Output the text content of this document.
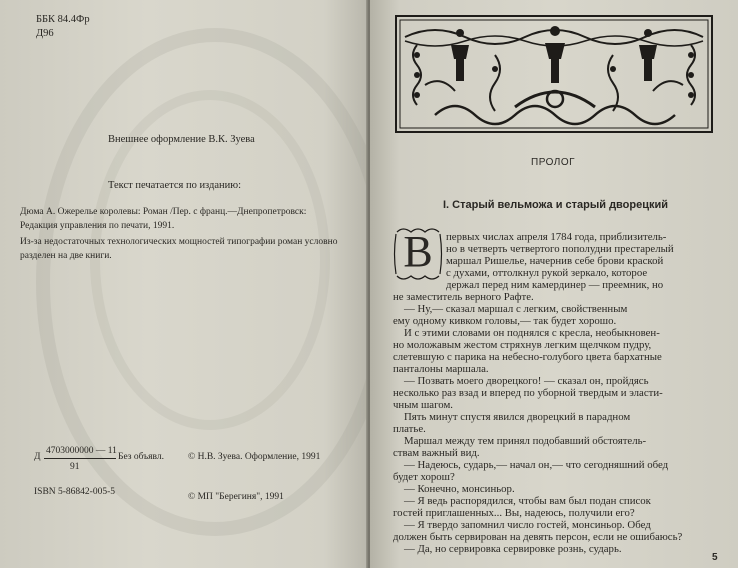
ББК 84.4Фр
Д96
Внешнее оформление В.К. Зуева
Текст печатается по изданию:
Дюма А. Ожерелье королевы: Роман /Пер. с франц.—Днепропетровск:
Редакция управления по печати, 1991.
Из-за недостаточных технологических мощностей типографии роман условно
разделен на две книги.
Д
4703000000 — 11
91
Без объявл.	© Н.В. Зуева. Оформление, 1991
ISBN 5-86842-005-5	© МП "Берегиня", 1991
ПРОЛОГ
I. Старый вельможа и старый дворецкий
В
5
первых числах апреля 1784 года, приблизитель-
но в четверть четвертого пополудни престарелый
маршал Ришелье, начернив себе брови краской
с духами, оттолкнул рукой зеркало, которое
держал перед ним камердинер — преемник, но
не заместитель верного Рафте.
— Ну,— сказал маршал с легким, свойственным
ему одному кивком головы,— так будет хорошо.
И с этими словами он поднялся с кресла, необыкновен-
но моложавым жестом стряхнув легким щелчком пудру,
слетевшую с парика на небесно-голубого цвета бархатные
панталоны маршала.
— Позвать моего дворецкого! — сказал он, пройдясь
несколько раз взад и вперед по уборной твердым и эласти-
чным шагом.
Пять минут спустя явился дворецкий в парадном
платье.
Маршал между тем принял подобавший обстоятель-
ствам важный вид.
— Надеюсь, сударь,— начал он,— что сегодняшний обед
будет хорош?
— Конечно, монсиньор.
— Я ведь распорядился, чтобы вам был подан список
гостей приглашенных... Вы, надеюсь, получили его?
— Я твердо запомнил число гостей, монсиньор. Обед
должен быть сервирован на девять персон, если не ошибаюсь?
— Да, но сервировка сервировке рознь, сударь.
